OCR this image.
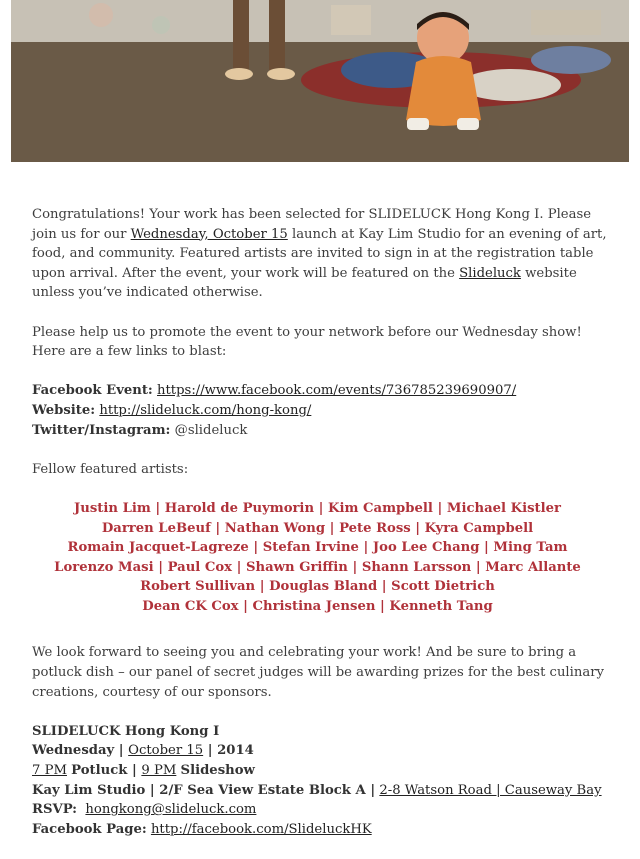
Congratulations! Your work has been selected for SLIDELUCK Hong Kong I. Please join us for our Wednesday, October 15 launch at Kay Lim Studio for an evening of art, food, and community. Featured artists are invited to sign in at the registration table upon arrival. After the event, your work will be featured on the Slideluck website unless you’ve indicated otherwise.

Please help us to promote the event to your network before our Wednesday show! Here are a few links to blast:

Facebook Event: https://www.facebook.com/events/736785239690907/
Website: http://slideluck.com/hong-kong/
Twitter/Instagram: @slideluck

Fellow featured artists:

Justin Lim | Harold de Puymorin | Kim Campbell | Michael Kistler
Darren LeBeuf | Nathan Wong | Pete Ross | Kyra Campbell
Romain Jacquet-Lagreze | Stefan Irvine | Joo Lee Chang | Ming Tam
Lorenzo Masi | Paul Cox | Shawn Griffin | Shann Larsson | Marc Allante
Robert Sullivan | Douglas Bland | Scott Dietrich
Dean CK Cox | Christina Jensen | Kenneth Tang

We look forward to seeing you and celebrating your work! And be sure to bring a potluck dish – our panel of secret judges will be awarding prizes for the best culinary creations, courtesy of our sponsors.

SLIDELUCK Hong Kong I
Wednesday | October 15 | 2014
7 PM Potluck | 9 PM Slideshow
Kay Lim Studio | 2/F Sea View Estate Block A | 2-8 Watson Road | Causeway Bay
RSVP: hongkong@slideluck.com
Facebook Page: http://facebook.com/SlideluckHK
